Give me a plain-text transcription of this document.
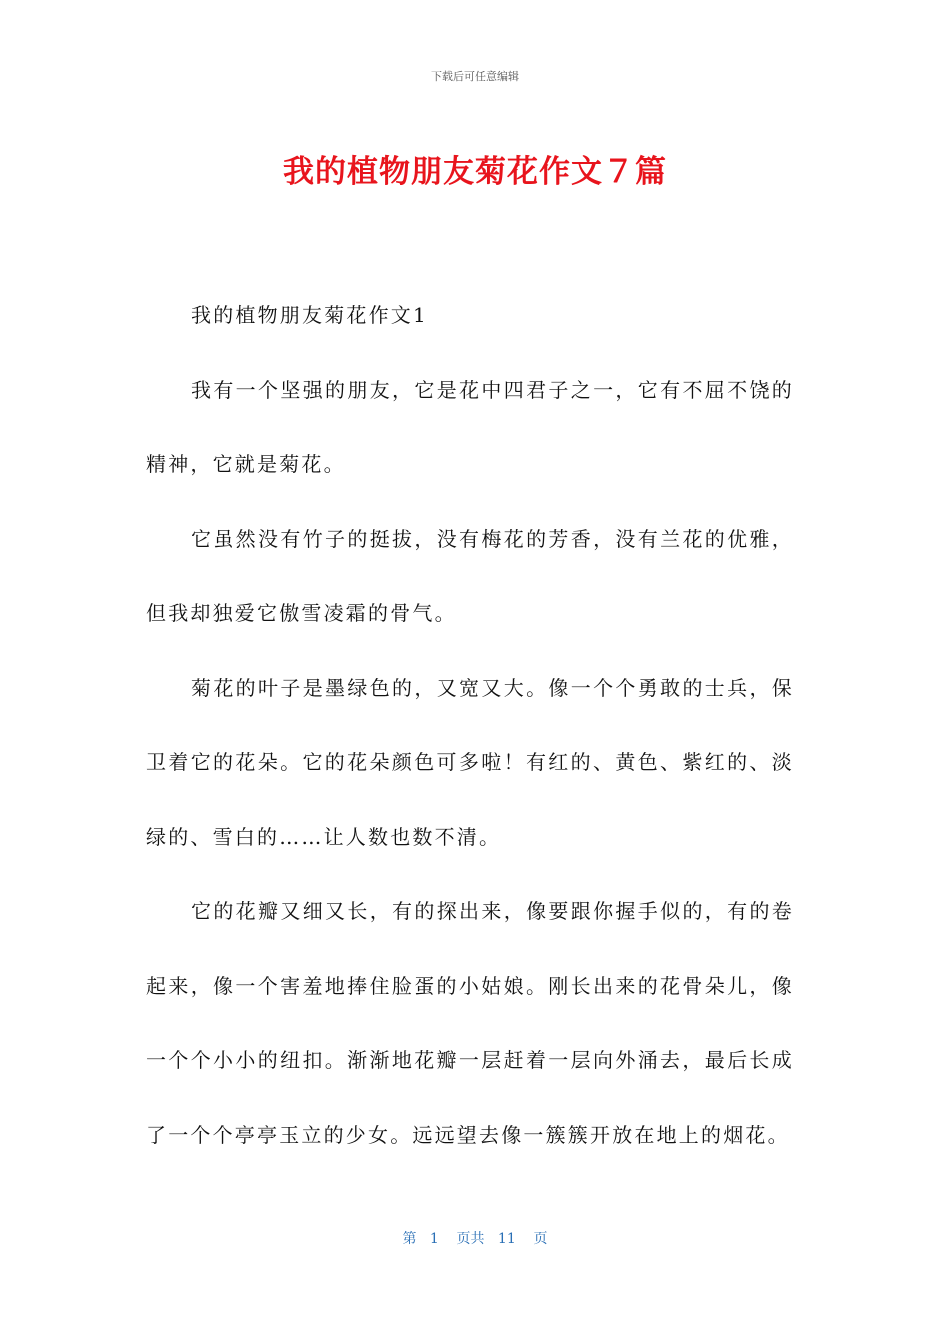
下载后可任意编辑
我的植物朋友菊花作文７篇

我的植物朋友菊花作文1

我有一个坚强的朋友，它是花中四君子之一，它有不屈不饶的精神，它就是菊花。

它虽然没有竹子的挺拔，没有梅花的芳香，没有兰花的优雅，但我却独爱它傲雪凌霜的骨气。

菊花的叶子是墨绿色的，又宽又大。像一个个勇敢的士兵，保卫着它的花朵。它的花朵颜色可多啦！有红的、黄色、紫红的、淡绿的、雪白的……让人数也数不清。

它的花瓣又细又长，有的探出来，像要跟你握手似的，有的卷起来，像一个害羞地捧住脸蛋的小姑娘。刚长出来的花骨朵儿，像一个个小小的纽扣。渐渐地花瓣一层赶着一层向外涌去，最后长成了一个个亭亭玉立的少女。远远望去像一簇簇开放在地上的烟花。

第 1 页共 11 页
